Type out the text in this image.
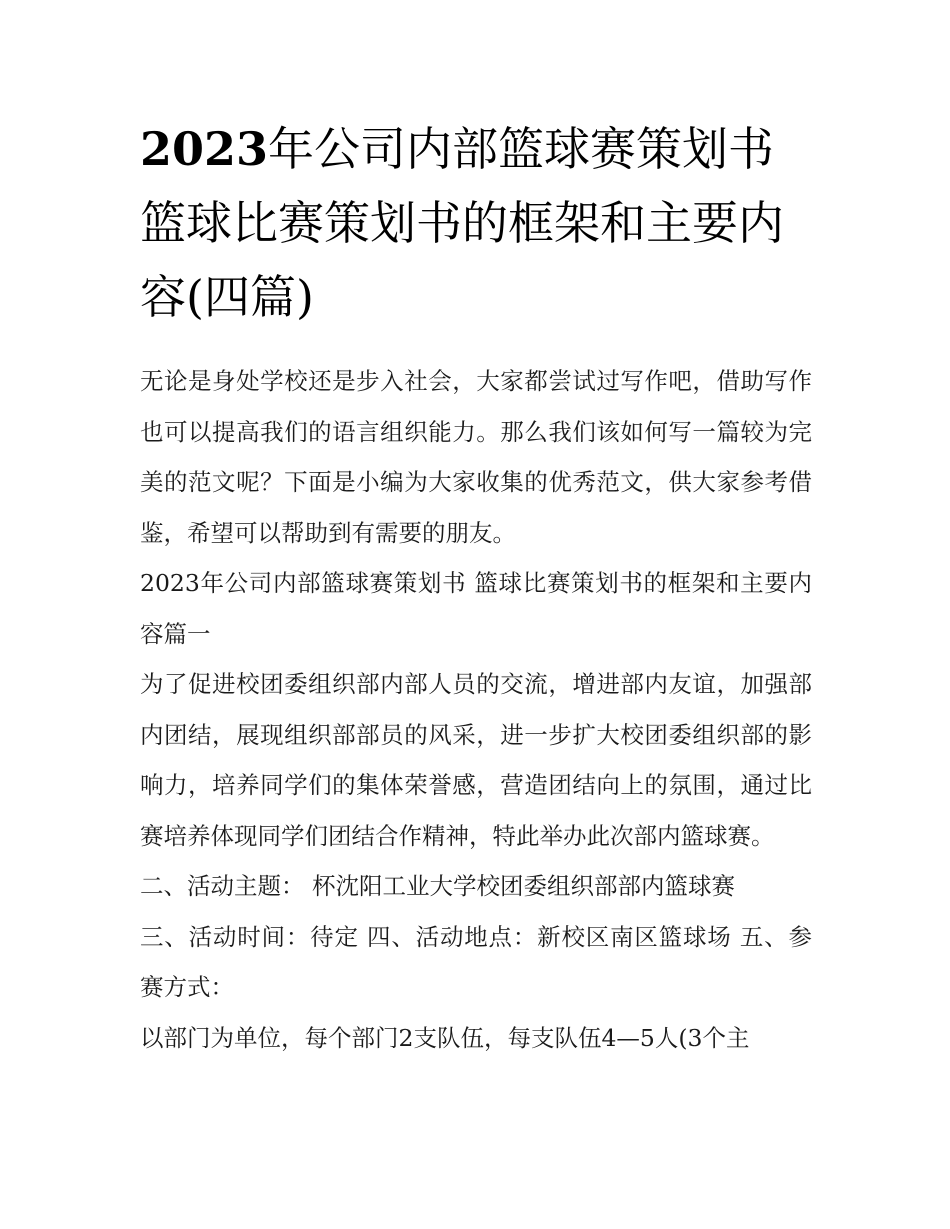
2023年公司内部篮球赛策划书 篮球比赛策划书的框架和主要内容(四篇)

无论是身处学校还是步入社会，大家都尝试过写作吧，借助写作也可以提高我们的语言组织能力。那么我们该如何写一篇较为完美的范文呢？下面是小编为大家收集的优秀范文，供大家参考借鉴，希望可以帮助到有需要的朋友。

2023年公司内部篮球赛策划书 篮球比赛策划书的框架和主要内容篇一

为了促进校团委组织部内部人员的交流，增进部内友谊，加强部内团结，展现组织部部员的风采，进一步扩大校团委组织部的影响力，培养同学们的集体荣誉感，营造团结向上的氛围，通过比赛培养体现同学们团结合作精神，特此举办此次部内篮球赛。

二、活动主题： 杯沈阳工业大学校团委组织部部内篮球赛

三、活动时间：待定 四、活动地点：新校区南区篮球场 五、参赛方式：

以部门为单位，每个部门2支队伍，每支队伍4—5人(3个主
